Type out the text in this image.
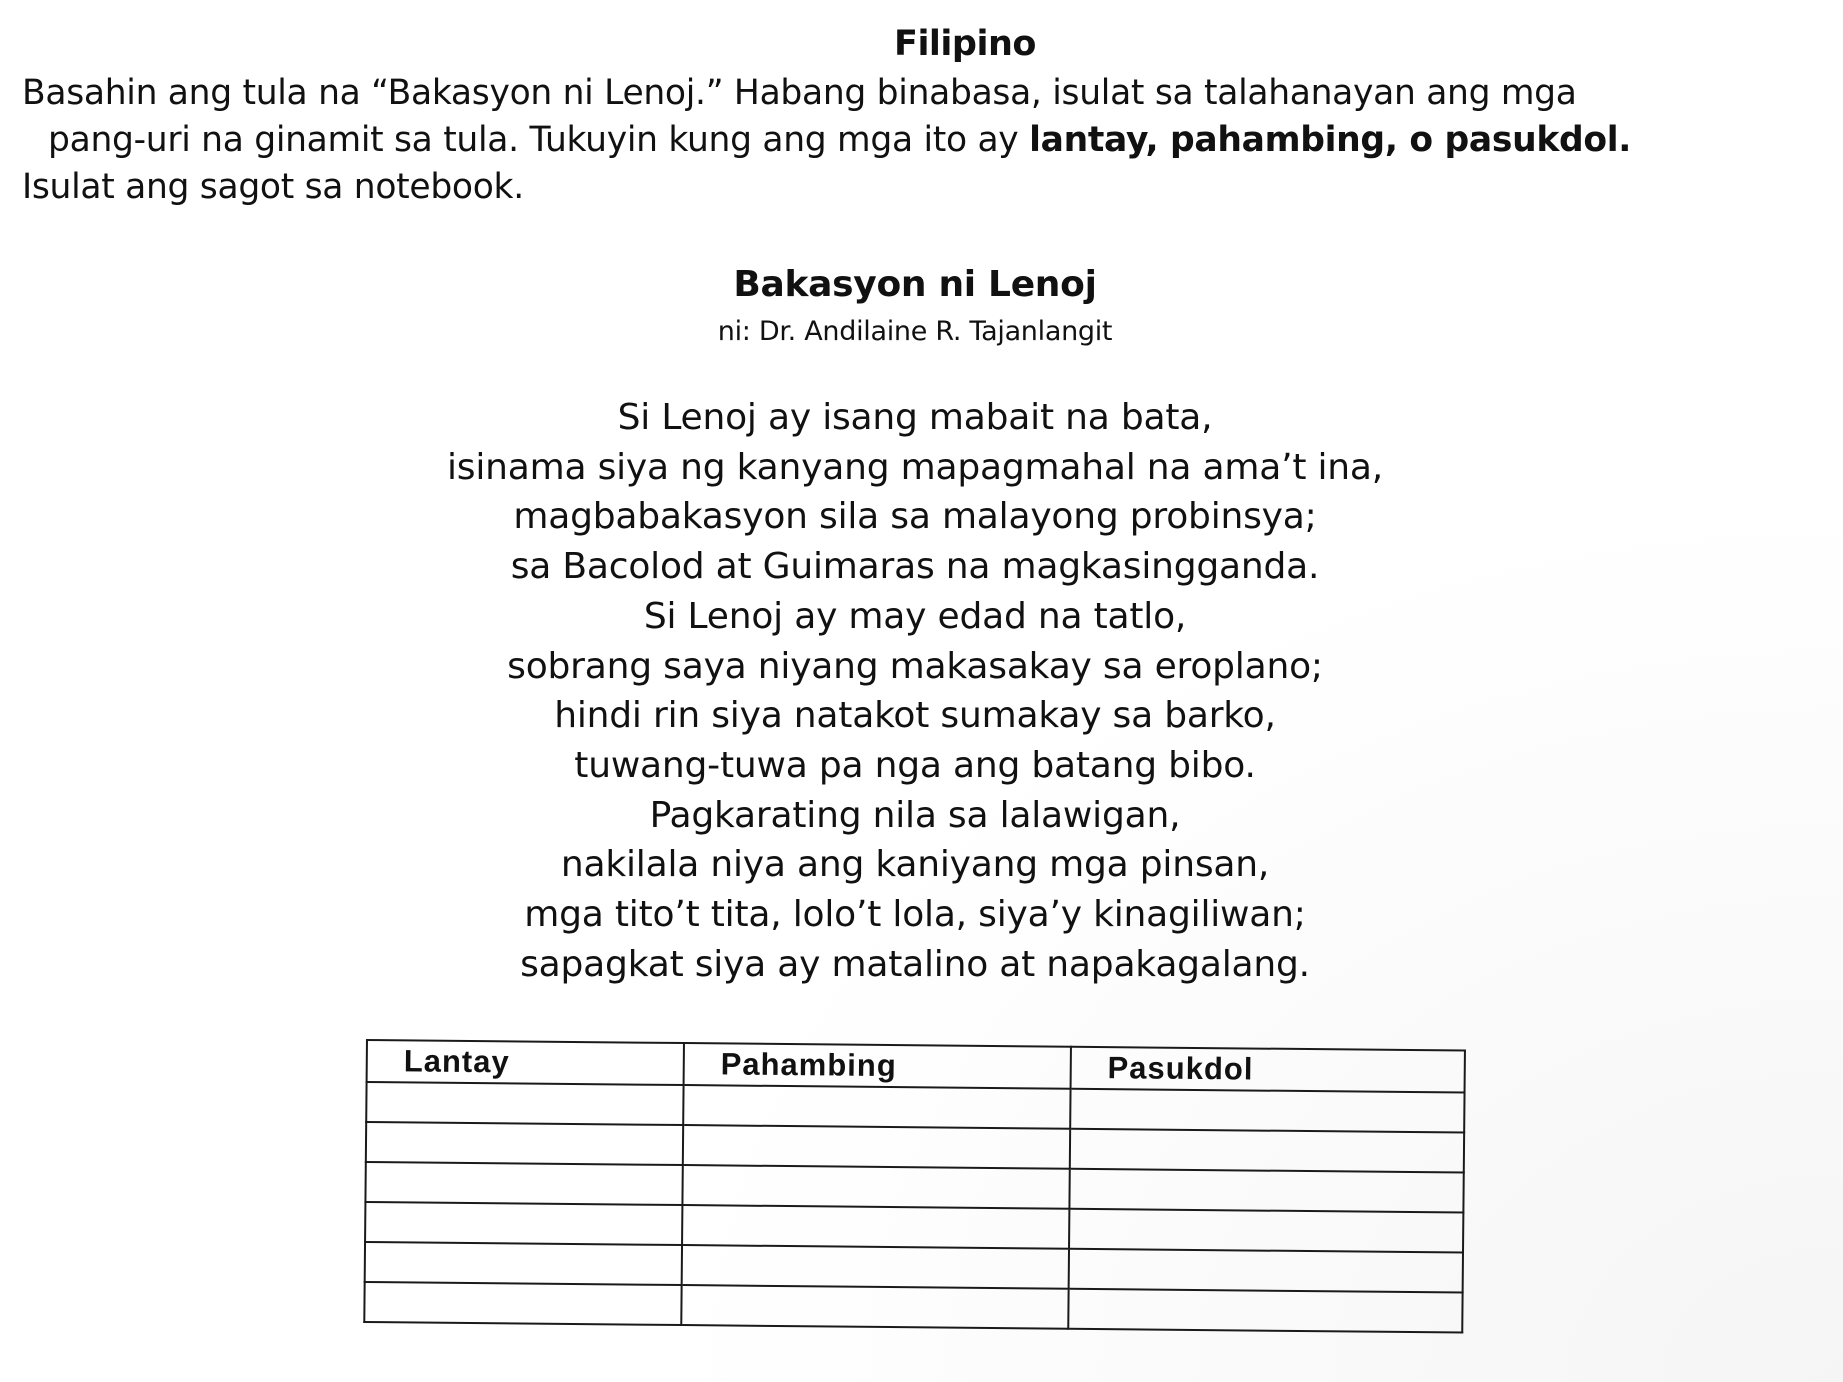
Filipino
Basahin ang tula na “Bakasyon ni Lenoj.” Habang binabasa, isulat sa talahanayan ang mga
pang-uri na ginamit sa tula. Tukuyin kung ang mga ito ay lantay, pahambing, o pasukdol.
Isulat ang sagot sa notebook.
Bakasyon ni Lenoj
ni: Dr. Andilaine R. Tajanlangit
Si Lenoj ay isang mabait na bata,
isinama siya ng kanyang mapagmahal na ama’t ina,
magbabakasyon sila sa malayong probinsya;
sa Bacolod at Guimaras na magkasingganda.
Si Lenoj ay may edad na tatlo,
sobrang saya niyang makasakay sa eroplano;
hindi rin siya natakot sumakay sa barko,
tuwang-tuwa pa nga ang batang bibo.
Pagkarating nila sa lalawigan,
nakilala niya ang kaniyang mga pinsan,
mga tito’t tita, lolo’t lola, siya’y kinagiliwan;
sapagkat siya ay matalino at napakagalang.
Lantay	Pahambing	Pasukdol
